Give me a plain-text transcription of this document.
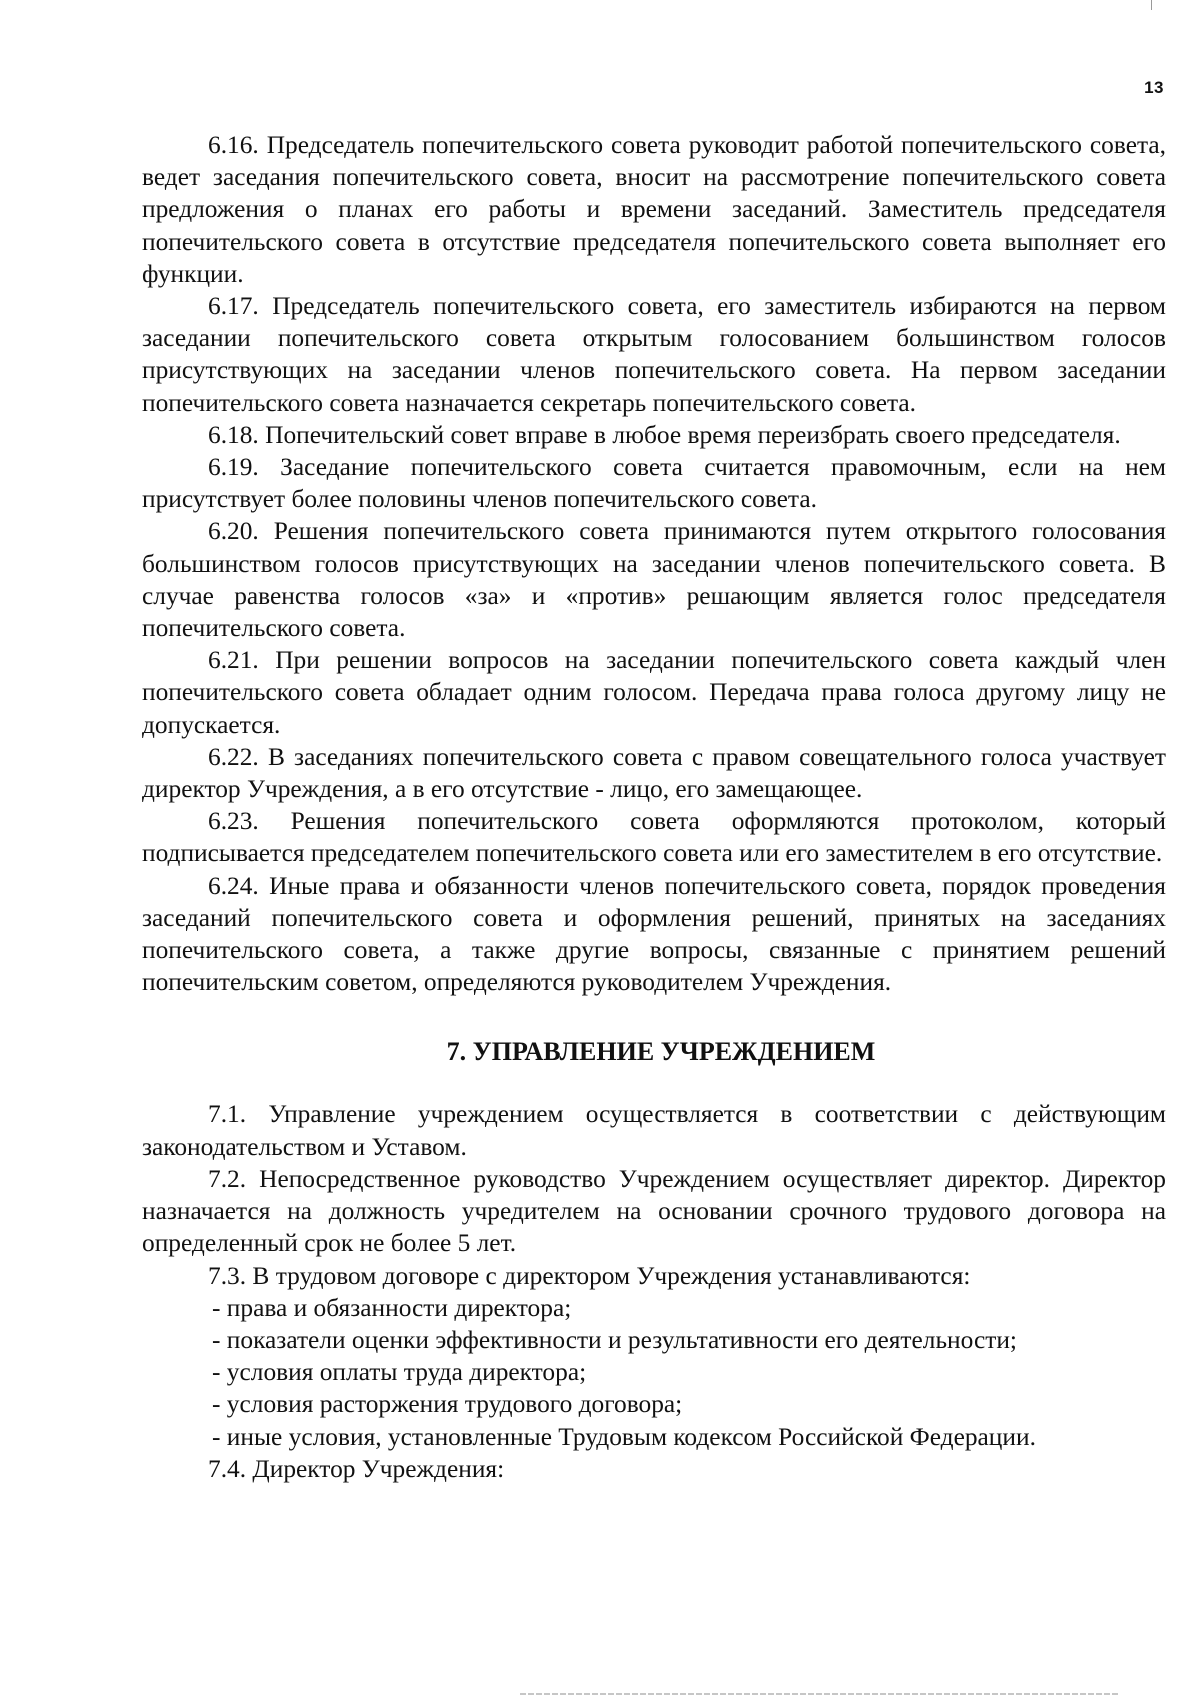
13

6.16. Председатель попечительского совета руководит работой попечительского совета, ведет заседания попечительского совета, вносит на рассмотрение попечительского совета предложения о планах его работы и времени заседаний. Заместитель председателя попечительского совета в отсутствие председателя попечительского совета выполняет его функции.

6.17. Председатель попечительского совета, его заместитель избираются на первом заседании попечительского совета открытым голосованием большинством голосов присутствующих на заседании членов попечительского совета. На первом заседании попечительского совета назначается секретарь попечительского совета.

6.18. Попечительский совет вправе в любое время переизбрать своего председателя.

6.19. Заседание попечительского совета считается правомочным, если на нем присутствует более половины членов попечительского совета.

6.20. Решения попечительского совета принимаются путем открытого голосования большинством голосов присутствующих на заседании членов попечительского совета. В случае равенства голосов «за» и «против» решающим является голос председателя попечительского совета.

6.21. При решении вопросов на заседании попечительского совета каждый член попечительского совета обладает одним голосом. Передача права голоса другому лицу не допускается.

6.22. В заседаниях попечительского совета с правом совещательного голоса участвует директор Учреждения, а в его отсутствие - лицо, его замещающее.

6.23. Решения попечительского совета оформляются протоколом, который подписывается председателем попечительского совета или его заместителем в его отсутствие.

6.24. Иные права и обязанности членов попечительского совета, порядок проведения заседаний попечительского совета и оформления решений, принятых на заседаниях попечительского совета, а также другие вопросы, связанные с принятием решений попечительским советом, определяются руководителем Учреждения.

7. УПРАВЛЕНИЕ УЧРЕЖДЕНИЕМ

7.1. Управление учреждением осуществляется в соответствии с действующим законодательством и Уставом.

7.2. Непосредственное руководство Учреждением осуществляет директор. Директор назначается на должность учредителем на основании срочного трудового договора на определенный срок не более 5 лет.

7.3. В трудовом договоре с директором Учреждения устанавливаются:

- права и обязанности директора;

- показатели оценки эффективности и результативности его деятельности;

- условия оплаты труда директора;

- условия расторжения трудового договора;

- иные условия, установленные Трудовым кодексом Российской Федерации.

7.4. Директор Учреждения:
